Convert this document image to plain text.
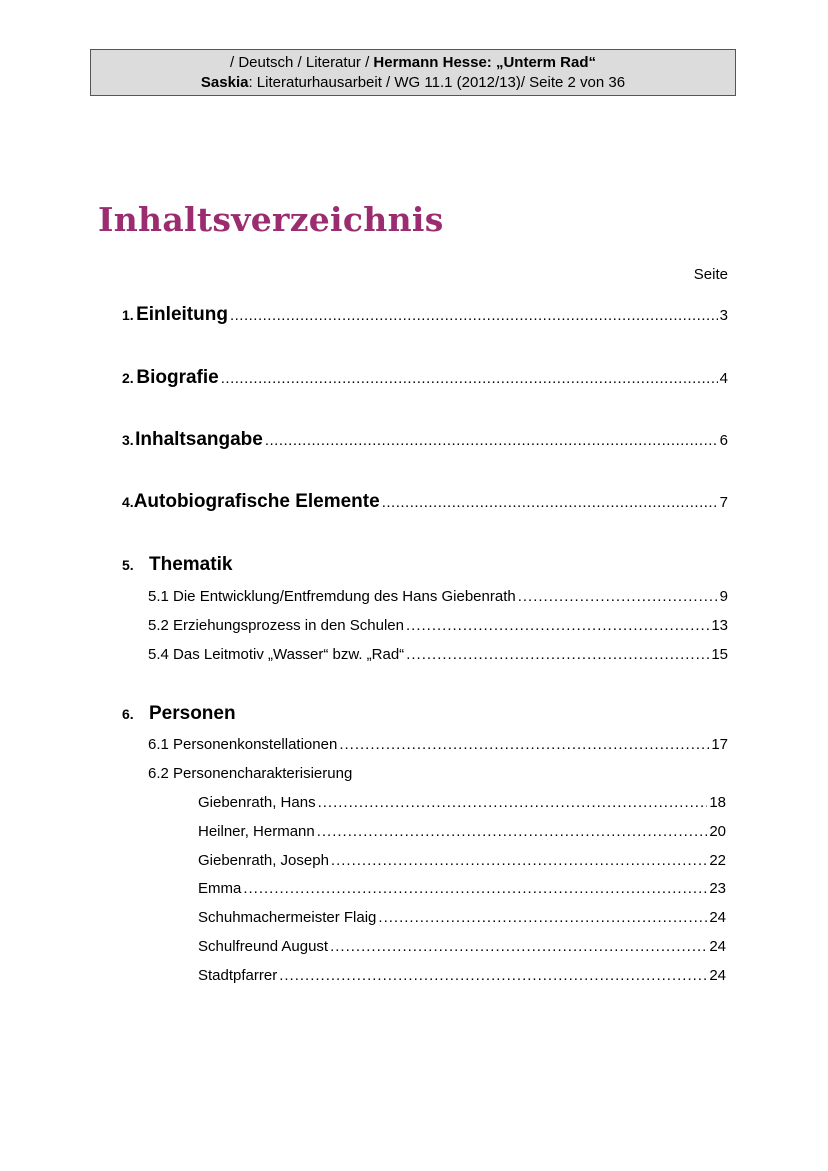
/ Deutsch / Literatur / Hermann Hesse: „Unterm Rad“
Saskia: Literaturhausarbeit / WG 11.1 (2012/13)/ Seite 2 von 36
Inhaltsverzeichnis
Seite
1. Einleitung .....	3
2. Biografie .....	4
3. Inhaltsangabe .....	6
4. Autobiografische Elemente .....	7
5. Thematik
5.1 Die Entwicklung/Entfremdung des Hans Giebenrath .....	9
5.2 Erziehungsprozess in den Schulen .....	13
5.4 Das Leitmotiv „Wasser“ bzw. „Rad“ .....	15
6. Personen
6.1 Personenkonstellationen .....	17
6.2 Personencharakterisierung
Giebenrath, Hans .....	18
Heilner, Hermann .....	20
Giebenrath, Joseph .....	22
Emma .....	23
Schuhmachermeister Flaig .....	24
Schulfreund August .....	24
Stadtpfarrer .....	24
